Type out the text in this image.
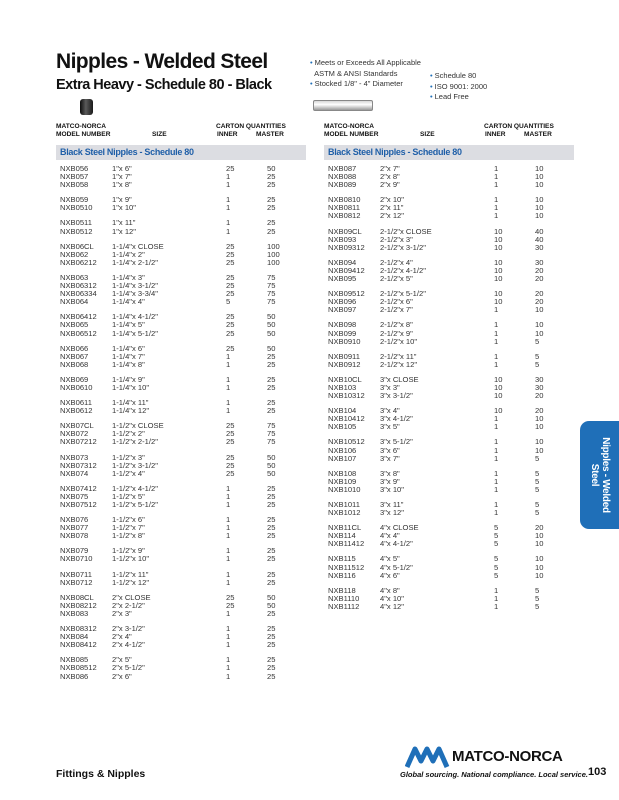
Nipples - Welded Steel
Extra Heavy - Schedule 80 - Black
• Meets or Exceeds All Applicable
ASTM & ANSI Standards
• Stocked 1/8" - 4" Diameter
• Schedule 80
• ISO 9001: 2000
• Lead Free
MATCO-NORCA
MODEL NUMBER	SIZE
CARTON QUANTITIES
INNER	MASTER
Black Steel Nipples - Schedule 80
NXB056	1"x 6"	25	50
NXB057	1"x 7"	1	25
NXB058	1"x 8"	1	25
NXB059	1"x 9"	1	25
NXB0510	1"x 10"	1	25
NXB0511	1"x 11"	1	25
NXB0512	1"x 12"	1	25
NXB06CL 1-1/4"x CLOSE	25	100
NXB062	1-1/4"x 2"	25	100
NXB06212 1-1/4"x 2-1/2"	25	100
NXB063	1-1/4"x 3"	25	75
NXB06312 1-1/4"x 3-1/2"	25	75
NXB06334 1-1/4"x 3-3/4"	25	75
NXB064	1-1/4"x 4"	5	75
NXB06412 1-1/4"x 4-1/2"	25	50
NXB065	1-1/4"x 5"	25	50
NXB06512 1-1/4"x 5-1/2"	25	50
NXB066	1-1/4"x 6"	25	50
NXB067	1-1/4"x 7"	1	25
NXB068	1-1/4"x 8"	1	25
NXB069	1-1/4"x 9"	1	25
NXB0610	1-1/4"x 10"	1	25
NXB0611	1-1/4"x 11"	1	25
NXB0612	1-1/4"x 12"	1	25
NXB07CL 1-1/2"x CLOSE	25	75
NXB072	1-1/2"x 2"	25	75
NXB07212 1-1/2"x 2-1/2"	25	75
NXB073	1-1/2"x 3"	25	50
NXB07312 1-1/2"x 3-1/2"	25	50
NXB074	1-1/2"x 4"	25	50
NXB07412 1-1/2"x 4-1/2"	1	25
NXB075	1-1/2"x 5"	1	25
NXB07512 1-1/2"x 5-1/2"	1	25
NXB076	1-1/2"x 6"	1	25
NXB077	1-1/2"x 7"	1	25
NXB078	1-1/2"x 8"	1	25
NXB079	1-1/2"x 9"	1	25
NXB0710	1-1/2"x 10"	1	25
NXB0711	1-1/2"x 11"	1	25
NXB0712	1-1/2"x 12"	1	25
NXB08CL 2"x CLOSE	25	50
NXB08212 2"x 2-1/2"	25	50
NXB083	2"x 3"	1	25
NXB08312 2"x 3-1/2"	1	25
NXB084	2"x 4"	1	25
NXB08412 2"x 4-1/2"	1	25
NXB085	2"x 5"	1	25
NXB08512 2"x 5-1/2"	1	25
NXB086	2"x 6"	1	25
MATCO-NORCA
MODEL NUMBER	SIZE
CARTON QUANTITIES
INNER	MASTER
Black Steel Nipples - Schedule 80
NXB087	2"x 7"	1	10
NXB088	2"x 8"	1	10
NXB089	2"x 9"	1	10
NXB0810	2"x 10"	1	10
NXB0811	2"x 11"	1	10
NXB0812	2"x 12"	1	10
NXB09CL 2-1/2"x CLOSE	10	40
NXB093	2-1/2"x 3"	10	40
NXB09312 2-1/2"x 3-1/2"	10	30
NXB094	2-1/2"x 4"	10	30
NXB09412 2-1/2"x 4-1/2"	10	20
NXB095	2-1/2"x 5"	10	20
NXB09512 2-1/2"x 5-1/2"	10	20
NXB096	2-1/2"x 6"	10	20
NXB097	2-1/2"x 7"	1	10
NXB098	2-1/2"x 8"	1	10
NXB099	2-1/2"x 9"	1	10
NXB0910	2-1/2"x 10"	1	5
NXB0911	2-1/2"x 11"	1	5
NXB0912	2-1/2"x 12"	1	5
NXB10CL 3"x CLOSE	10	30
NXB103	3"x 3"	10	30
NXB10312 3"x 3-1/2"	10	20
NXB104	3"x 4"	10	20
NXB10412 3"x 4-1/2"	1	10
NXB105	3"x 5"	1	10
NXB10512 3"x 5-1/2"	1	10
NXB106	3"x 6"	1	10
NXB107	3"x 7"	1	5
NXB108	3"x 8"	1	5
NXB109	3"x 9"	1	5
NXB1010	3"x 10"	1	5
NXB1011	3"x 11"	1	5
NXB1012	3"x 12"	1	5
NXB11CL 4"x CLOSE	5	20
NXB114	4"x 4"	5	10
NXB11412 4"x 4-1/2"	5	10
NXB115	4"x 5"	5	10
NXB11512 4"x 5-1/2"	5	10
NXB116	4"x 6"	5	10
NXB118	4"x 8"	1	5
NXB1110	4"x 10"	1	5
NXB1112	4"x 12"	1	5
Nipples - Welded
Steel
Fittings & Nipples
MATCO-NORCA
Global sourcing. National compliance. Local service. 103
